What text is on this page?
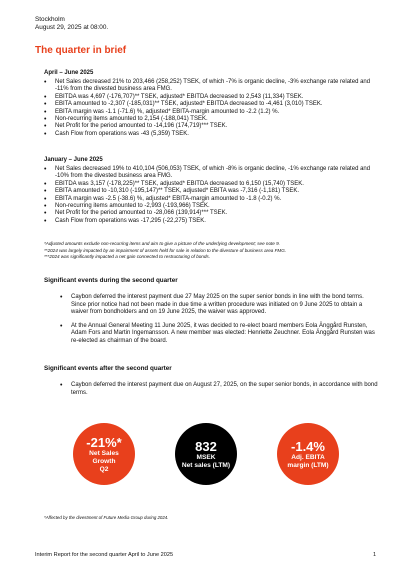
Stockholm
August 29, 2025 at 08:00.
The quarter in brief
April – June 2025
• Net Sales decreased 21% to 203,466 (258,252) TSEK, of which -7% is organic decline, -3% exchange rate related and -11% from the divested business area FMG.
• EBITDA was 4,697 (-176,707)** TSEK, adjusted* EBITDA decreased to 2,543 (11,334) TSEK.
• EBITA amounted to -2,307 (-185,031)** TSEK, adjusted* EBITDA decreased to -4,461 (3,010) TSEK.
• EBITA margin was -1.1 (-71.6) %, adjusted* EBITA-margin amounted to -2.2 (1.2) %.
• Non-recurring items amounted to 2,154 (-188,041) TSEK.
• Net Profit for the period amounted to -14,196 (174,719)*** TSEK.
• Cash Flow from operations was -43 (5,359) TSEK.
January – June 2025
• Net Sales decreased 19% to 410,104 (506,053) TSEK, of which -8% is organic decline, -1% exchange rate related and -10% from the divested business area FMG.
• EBITDA was 3,157 (-178,225)** TSEK, adjusted* EBITDA decreased to 6,150 (15,740) TSEK.
• EBITA amounted to -10,310 (-195,147)** TSEK, adjusted* EBITA was -7,316 (-1,181) TSEK.
• EBITA margin was -2.5 (-38.6) %, adjusted* EBITA-margin amounted to -1.8 (-0.2) %.
• Non-recurring items amounted to -2,993 (-193,966) TSEK.
• Net Profit for the period amounted to -28,066 (139,914)*** TSEK.
• Cash Flow from operations was -17,295 (-22,275) TSEK.
*Adjusted amounts exclude non-recurring items and aim to give a picture of the underlying development; see note 9.
**2024 was largely impacted by an impairment of assets held for sale in relation to the divesture of business area FMG.
***2024 was significantly impacted a net gain connected to restructuring of bonds.
Significant events during the second quarter
• Caybon deferred the interest payment due 27 May 2025 on the super senior bonds in line with the bond terms. Since prior notice had not been made in due time a written procedure was initiated on 9 June 2025 to obtain a waiver from bondholders and on 19 June 2025, the waiver was approved.
• At the Annual General Meeting 11 June 2025, it was decided to re-elect board members Eola Änggård Runsten, Adam Fors and Martin Ingemansson. A new member was elected: Henriette Zeuchner. Eola Änggård Runsten was re-elected as chairman of the board.
Significant events after the second quarter
• Caybon deferred the interest payment due on August 27, 2025, on the super senior bonds, in accordance with bond terms.
-21%*
Net Sales
Growth
Q2
832
MSEK
Net sales (LTM)
-1.4%
Adj. EBITA
margin (LTM)
*Affected by the divestment of Future Media Group during 2024.
Interim Report for the second quarter April to June 2025	1
